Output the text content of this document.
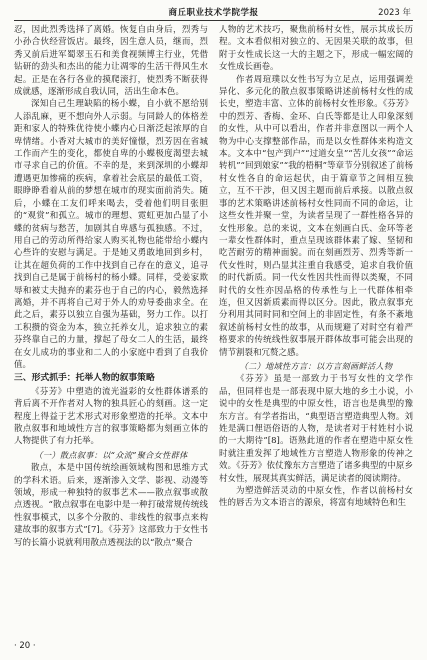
商丘职业技术学院学报	2023 年

忍，因此烈秀选择了离婚。恢复自由身后，烈秀与小孙合伙经营饭店。最终，因生意人员，继而，烈秀又前后进军蜀翠玉石和美食视频博主行业，凭借钻研的劲头和杰出的能力让凋零的生活干得风生水起。正是在各行各业的摸爬滚打，使烈秀不断获得成就感，逐渐形成自我认同，活出生命本色。

深知自己生理缺陷的杨小蝶，自小就不愿给别人添乱麻，更不想向外人示弱。与同龄人的体格差距和家人的特殊优待使小蝶内心日渐泛起浓厚的自卑情绪。小香对大城市的美好憧憬，烈芳因在省城工作而产生的变化，都使自卑的小蝶极度渴望去城市寻求自己的价值。不幸的是，来到深圳的小蝶却遭遇更加惨痛的疾病，拿着社会底层的最低工资，眼睁睁看着从前的梦想在城市的现实面前消失。随后，小蝶在工友们呼来喝去，受着他们明目张胆的“观赏”和孤立。城市的理想、霓虹更加凸显了小蝶的贫病与愁苦，加剧其自卑感与孤独感。不过，用自己的劳动所得给家人购买礼物也能带给小蝶内心些许的安慰与满足。于是她又勇敢地回到乡村，让其在超负荷的工作中找到自己存在的意义，追寻找到自己是属于前杨村的杨小蝶。同样，受姜家欺辱和被丈夫抛弃的素芬也于自己的内心，毅然选择离婚，并不再将自己对于外人的劝导委曲求全。在此之后，素芬以独立自强为基础，努力工作。以打工积攒的资金为本，独立托养女儿，追求独立的素芬终靠自己的力量，撑起了母女二人的生活，最终在女儿成功的事业和二人的小家庭中看到了自我价值。

三、形式抓手：托举人物的叙事策略

《芬芳》中塑造的流光溢彩的女性群体谱系的背后离不开作者对人物的独具匠心的刻画。这一定程度上得益于艺术形式对形象塑造的托举。文本中散点叙事和地域性方言的叙事策略都为刻画立体的人物提供了有力托举。

（一）散点叙事：以“众流”聚合女性群体

散点，本是中国传统绘画领域构图和思维方式的学科术语。后来，逐渐渗入文学、影视、动漫等领域，形成一种独特的叙事艺术——散点叙事或散点透视。“散点叙事在电影中是一种打破常规传统线性叙事模式，以多个分散的、非线性的叙事点来构建故事的叙事方式”[7]。《芬芳》这部致力于女性书写的长篇小说就利用散点透视法的以“散点”聚合

人物的艺术技巧，聚焦前杨村女性，展示其成长历程。文本看似相对独立的、无因果关联的故事，但附于女性成长这一大的主题之下，形成一幅宏阔的女性成长画卷。

作者周瑄璞以女性书写为立足点，运用强调差异化、多元化的散点叙事策略讲述前杨村女性的成长史，塑造丰富、立体的前杨村女性形象。《芬芳》中的烈芳、香梅、金环、白氏等都是让人印象深刻的女性，从中可以看出，作者并非意图以一两个人物为中心支撑整部作品，而是以女性群体来构造文本。文本中“包产到户”“过道女皇”“苦儿女孩”“命运转机”“回到娘家”“我的梧桐”等章节分别叙述了前杨村女性各自的命运起伏，由于篇章节之间相互独立，互不干涉，但又因主题而前后承接。以散点叙事的艺术策略讲述前杨村女性同而不同的命运，让这些女性并聚一堂，为读者呈现了一群性格各异的女性形象。总的来说，文本在刻画白氏、金环等老一辈女性群体时，重点呈现该群体素了嫁、坚韧和吃苦耐劳的精神面貌。而在刻画烈芳、烈秀等新一代女性时，则凸显其注重自我感受，追求自我价值的时代新质。同一代女性因共性而得以类聚，不同时代的女性亦因品格的传承性与上一代群体相牵连，但又因新质素而得以区分。因此，散点叙事充分利用其同时同和空间上的非固定性，有条不紊地叙述前杨村女性的故事，从而规避了对时空有着严格要求的传统线性叙事展开群体故事可能会出现的情节割裂和冗赘之感。

（二）地域性方言：以方言刻画鲜活人物

《芬芳》虽是一部致力于书写女性的文学作品，但同样也是一部表现中原大地的乡土小说，小说中的女性是典型的中原女性，语言也是典型的豫东方言。有学者指出，“典型语言塑造典型人物。刘姓是满口俚语俗语的人物，是读者对于村姓村小说的一大期待”[8]。语熟此道的作者在塑造中原女性时就注重发挥了地域性方言塑造人物形象的传神之效。《芬芳》依仗豫东方言塑造了诸多典型的中原乡村女性，展现其真实鲜活，满足读者的阅读期待。

为塑造鲜活灵动的中原女性，作者以前杨村女性的唇舌为文本语言的源泉，将富有地域特色和生

· 20 ·
